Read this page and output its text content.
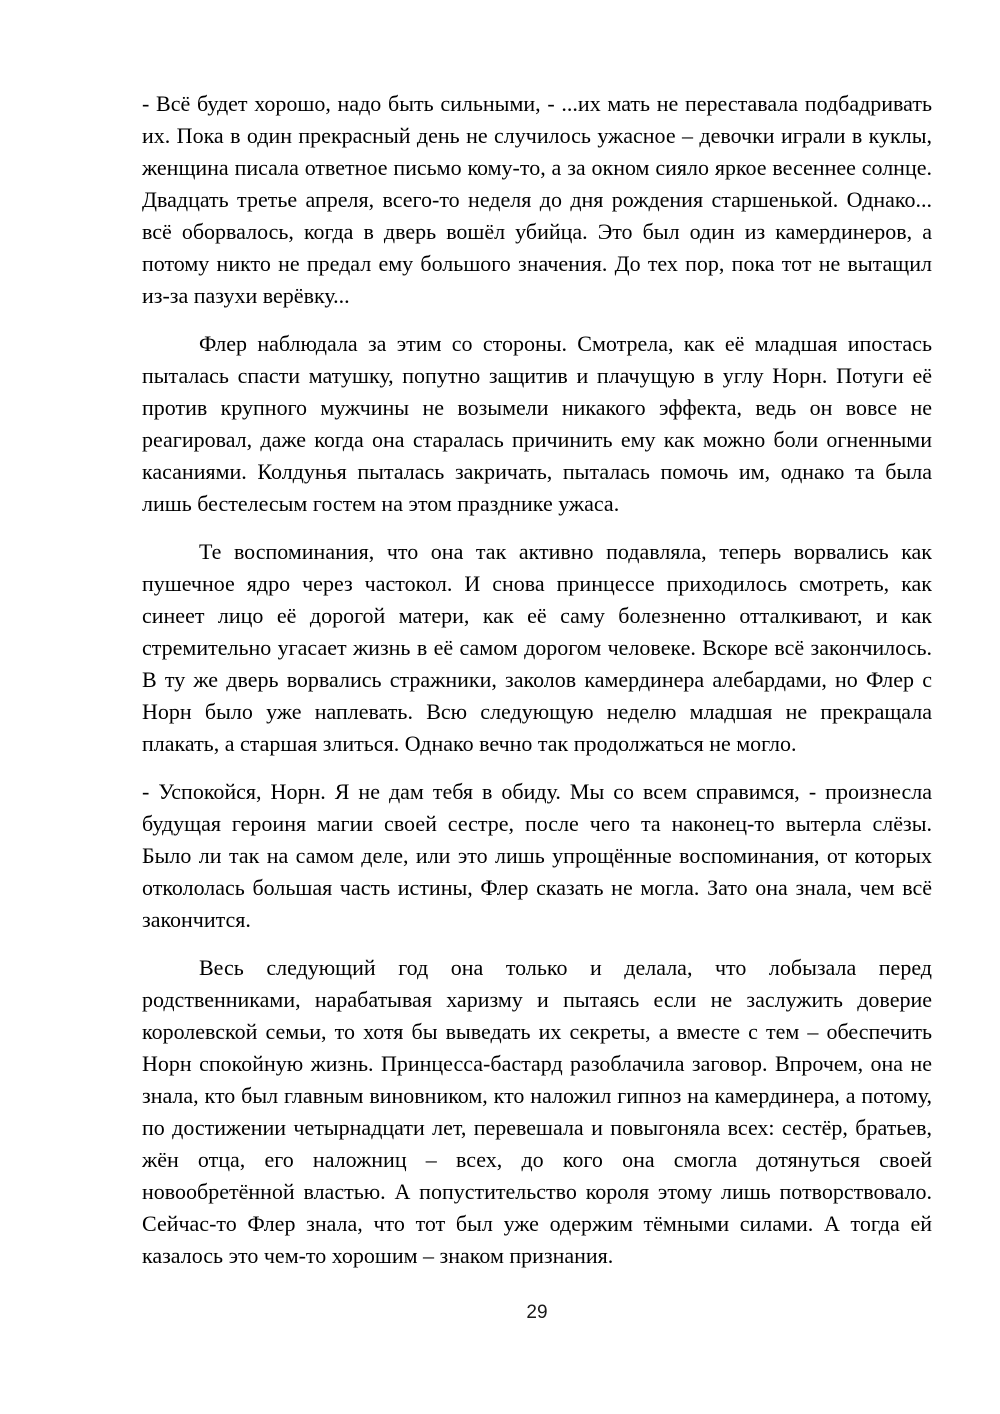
- Всё будет хорошо, надо быть сильными, - ...их мать не переставала подбадривать их. Пока в один прекрасный день не случилось ужасное – девочки играли в куклы, женщина писала ответное письмо кому-то, а за окном сияло яркое весеннее солнце. Двадцать третье апреля, всего-то неделя до дня рождения старшенькой. Однако... всё оборвалось, когда в дверь вошёл убийца. Это был один из камердинеров, а потому никто не предал ему большого значения. До тех пор, пока тот не вытащил из-за пазухи верёвку...

Флер наблюдала за этим со стороны. Смотрела, как её младшая ипостась пыталась спасти матушку, попутно защитив и плачущую в углу Норн. Потуги её против крупного мужчины не возымели никакого эффекта, ведь он вовсе не реагировал, даже когда она старалась причинить ему как можно боли огненными касаниями. Колдунья пыталась закричать, пыталась помочь им, однако та была лишь бестелесым гостем на этом празднике ужаса.

Те воспоминания, что она так активно подавляла, теперь ворвались как пушечное ядро через частокол. И снова принцессе приходилось смотреть, как синеет лицо её дорогой матери, как её саму болезненно отталкивают, и как стремительно угасает жизнь в её самом дорогом человеке. Вскоре всё закончилось. В ту же дверь ворвались стражники, заколов камердинера алебардами, но Флер с Норн было уже наплевать. Всю следующую неделю младшая не прекращала плакать, а старшая злиться. Однако вечно так продолжаться не могло.

- Успокойся, Норн. Я не дам тебя в обиду. Мы со всем справимся, - произнесла будущая героиня магии своей сестре, после чего та наконец-то вытерла слёзы. Было ли так на самом деле, или это лишь упрощённые воспоминания, от которых откололась большая часть истины, Флер сказать не могла. Зато она знала, чем всё закончится.

Весь следующий год она только и делала, что лобызала перед родственниками, нарабатывая харизму и пытаясь если не заслужить доверие королевской семьи, то хотя бы выведать их секреты, а вместе с тем – обеспечить Норн спокойную жизнь. Принцесса-бастард разоблачила заговор. Впрочем, она не знала, кто был главным виновником, кто наложил гипноз на камердинера, а потому, по достижении четырнадцати лет, перевешала и повыгоняла всех: сестёр, братьев, жён отца, его наложниц – всех, до кого она смогла дотянуться своей новообретённой властью. А попустительство короля этому лишь потворствовало. Сейчас-то Флер знала, что тот был уже одержим тёмными силами. А тогда ей казалось это чем-то хорошим – знаком признания.

29
